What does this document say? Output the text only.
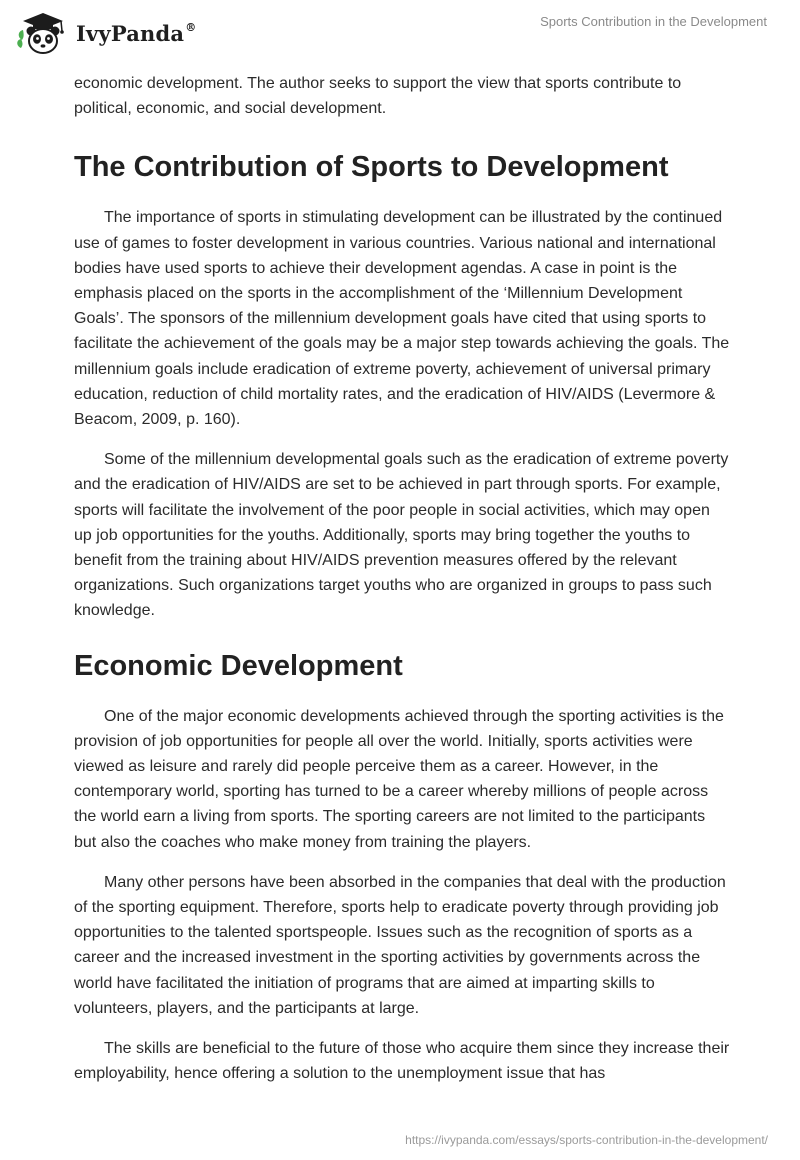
IvyPanda®	Sports Contribution in the Development

economic development. The author seeks to support the view that sports contribute to political, economic, and social development.

The Contribution of Sports to Development

The importance of sports in stimulating development can be illustrated by the continued use of games to foster development in various countries. Various national and international bodies have used sports to achieve their development agendas. A case in point is the emphasis placed on the sports in the accomplishment of the ‘Millennium Development Goals’. The sponsors of the millennium development goals have cited that using sports to facilitate the achievement of the goals may be a major step towards achieving the goals. The millennium goals include eradication of extreme poverty, achievement of universal primary education, reduction of child mortality rates, and the eradication of HIV/AIDS (Levermore & Beacom, 2009, p. 160).

Some of the millennium developmental goals such as the eradication of extreme poverty and the eradication of HIV/AIDS are set to be achieved in part through sports. For example, sports will facilitate the involvement of the poor people in social activities, which may open up job opportunities for the youths. Additionally, sports may bring together the youths to benefit from the training about HIV/AIDS prevention measures offered by the relevant organizations. Such organizations target youths who are organized in groups to pass such knowledge.

Economic Development

One of the major economic developments achieved through the sporting activities is the provision of job opportunities for people all over the world. Initially, sports activities were viewed as leisure and rarely did people perceive them as a career. However, in the contemporary world, sporting has turned to be a career whereby millions of people across the world earn a living from sports. The sporting careers are not limited to the participants but also the coaches who make money from training the players.

Many other persons have been absorbed in the companies that deal with the production of the sporting equipment. Therefore, sports help to eradicate poverty through providing job opportunities to the talented sportspeople. Issues such as the recognition of sports as a career and the increased investment in the sporting activities by governments across the world have facilitated the initiation of programs that are aimed at imparting skills to volunteers, players, and the participants at large.

The skills are beneficial to the future of those who acquire them since they increase their employability, hence offering a solution to the unemployment issue that has

https://ivypanda.com/essays/sports-contribution-in-the-development/
